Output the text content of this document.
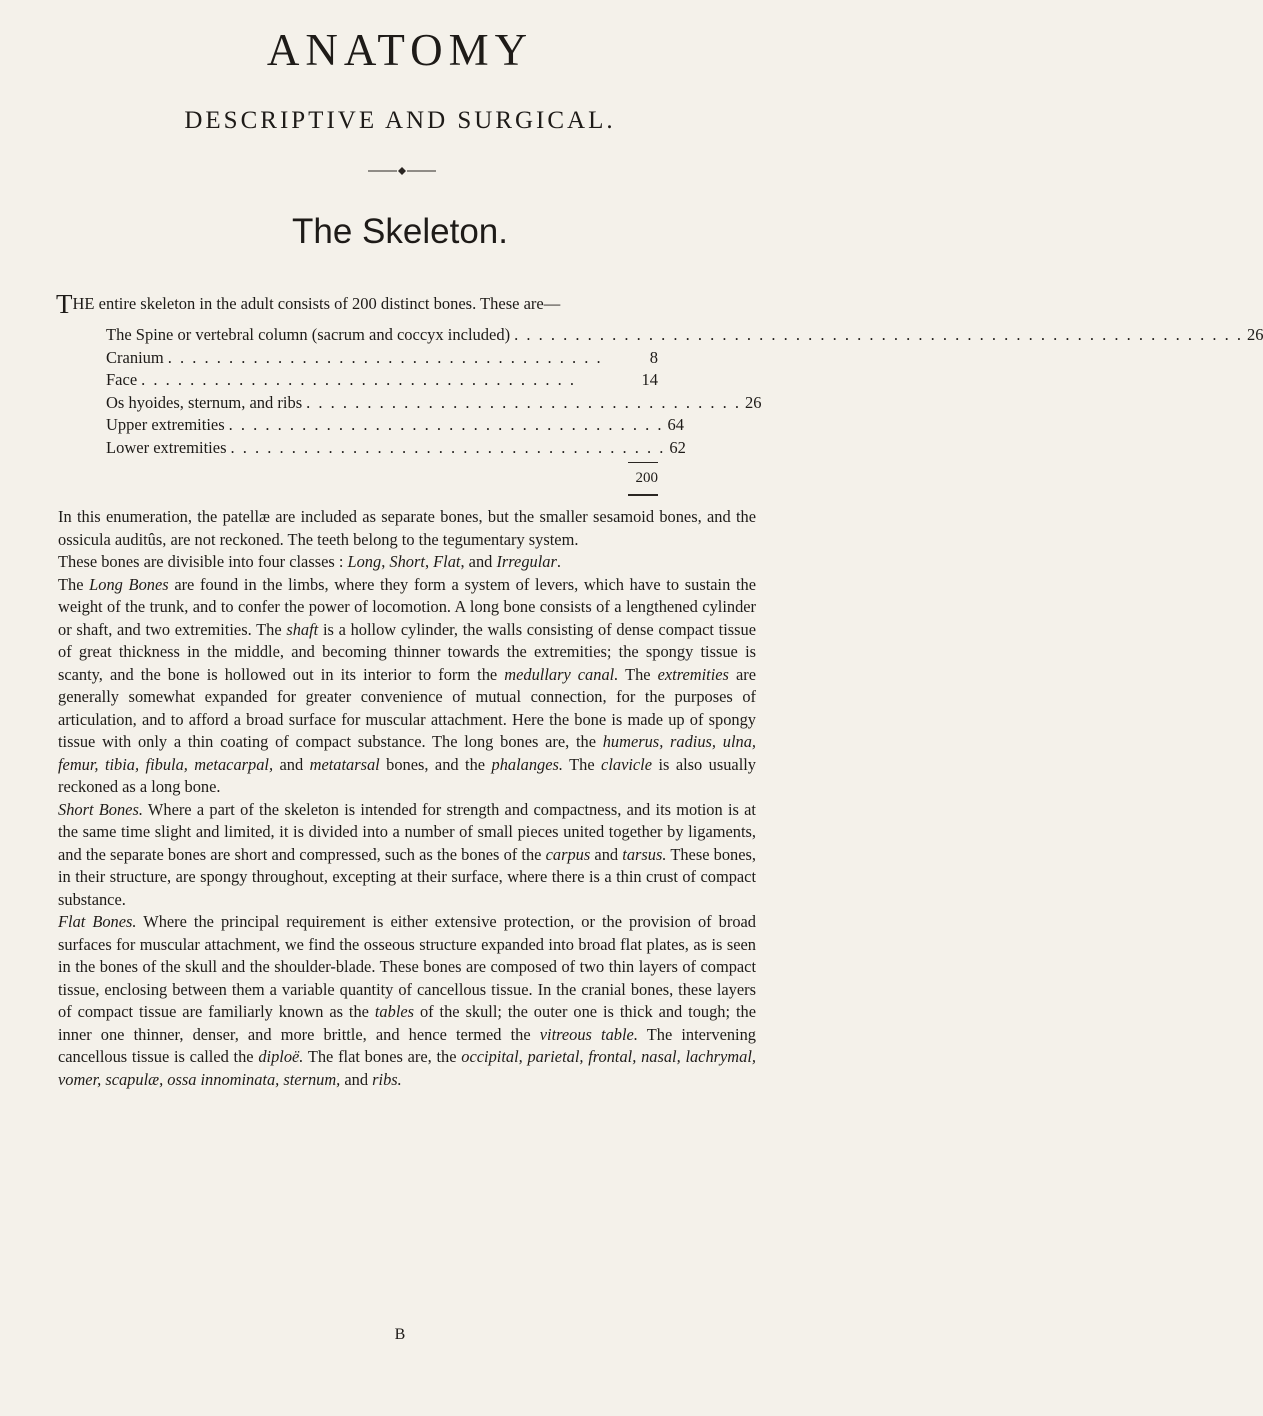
ANATOMY
DESCRIPTIVE AND SURGICAL.
The Skeleton.
THE entire skeleton in the adult consists of 200 distinct bones. These are—
The Spine or vertebral column (sacrum and coccyx included) . . . . . . . . . . . . . . . . . . . . . . . . . . . . . . . . . . . . . . . . . . . . . . . . . . . . . . . . . . . . 26
Cranium . . . . . . . . . . . . . . . . . . . . . . . . . . . . . . . . . . . .	8
Face . . . . . . . . . . . . . . . . . . . . . . . . . . . . . . . . . . . .	14
Os hyoides, sternum, and ribs . . . . . . . . . . . . . . . . . . . . . . . . . . . . . . . . . . . . 26
Upper extremities . . . . . . . . . . . . . . . . . . . . . . . . . . . . . . . . . . . . 64
Lower extremities . . . . . . . . . . . . . . . . . . . . . . . . . . . . . . . . . . . . 62
200

In this enumeration, the patellæ are included as separate bones, but the smaller sesamoid bones, and the ossicula auditûs, are not reckoned. The teeth belong to the tegumentary system.

These bones are divisible into four classes : Long, Short, Flat, and Irregular.

The Long Bones are found in the limbs, where they form a system of levers, which have to sustain the weight of the trunk, and to confer the power of locomotion. A long bone consists of a lengthened cylinder or shaft, and two extremities. The shaft is a hollow cylinder, the walls consisting of dense compact tissue of great thickness in the middle, and becoming thinner towards the extremities; the spongy tissue is scanty, and the bone is hollowed out in its interior to form the medullary canal. The extremities are generally somewhat expanded for greater convenience of mutual connection, for the purposes of articulation, and to afford a broad surface for muscular attachment. Here the bone is made up of spongy tissue with only a thin coating of compact substance. The long bones are, the humerus, radius, ulna, femur, tibia, fibula, metacarpal, and metatarsal bones, and the phalanges. The clavicle is also usually reckoned as a long bone.

Short Bones. Where a part of the skeleton is intended for strength and compactness, and its motion is at the same time slight and limited, it is divided into a number of small pieces united together by ligaments, and the separate bones are short and compressed, such as the bones of the carpus and tarsus. These bones, in their structure, are spongy throughout, excepting at their surface, where there is a thin crust of compact substance.

Flat Bones. Where the principal requirement is either extensive protection, or the provision of broad surfaces for muscular attachment, we find the osseous structure expanded into broad flat plates, as is seen in the bones of the skull and the shoulder-blade. These bones are composed of two thin layers of compact tissue, enclosing between them a variable quantity of cancellous tissue. In the cranial bones, these layers of compact tissue are familiarly known as the tables of the skull; the outer one is thick and tough; the inner one thinner, denser, and more brittle, and hence termed the vitreous table. The intervening cancellous tissue is called the diploë. The flat bones are, the occipital, parietal, frontal, nasal, lachrymal, vomer, scapulæ, ossa innominata, sternum, and ribs.

B
